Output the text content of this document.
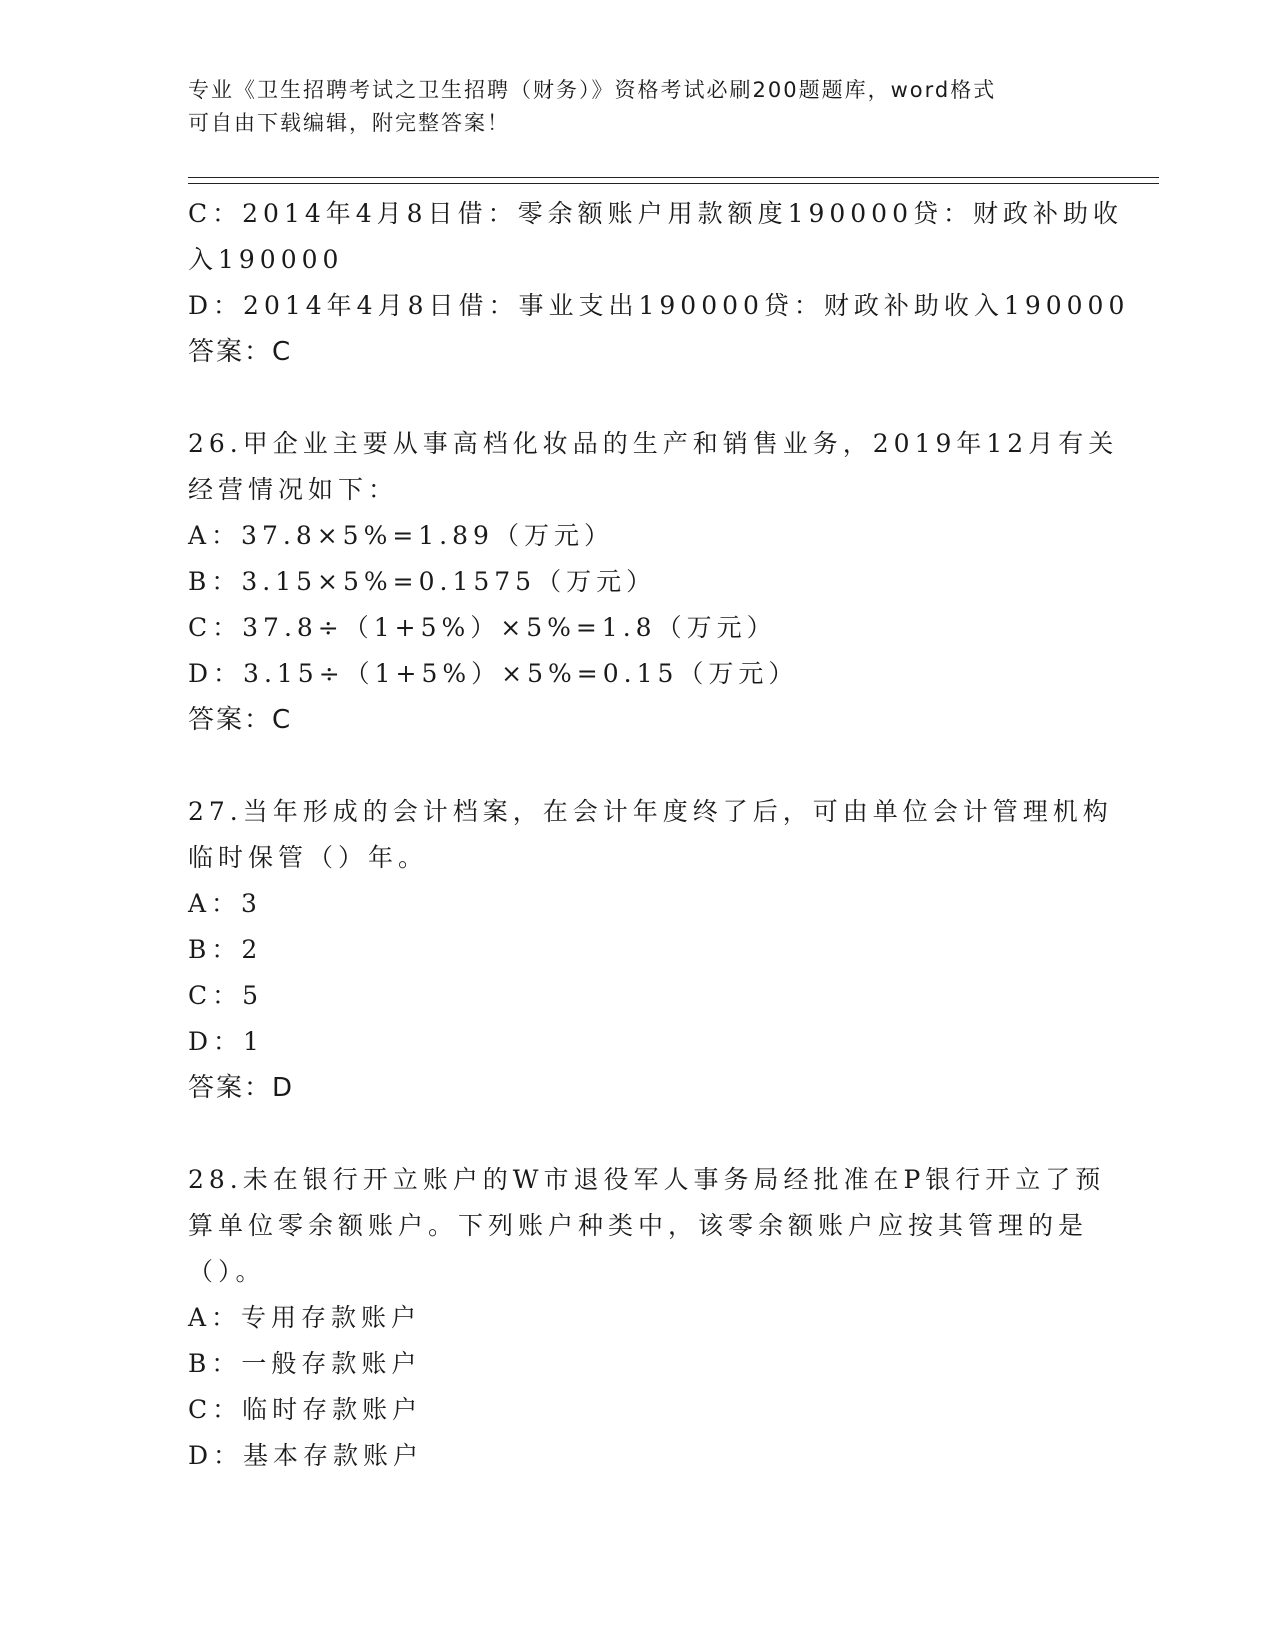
专业《卫生招聘考试之卫生招聘（财务）》资格考试必刷200题题库，word格式
可自由下载编辑，附完整答案！
C：2014年4月8日借：零余额账户用款额度190000贷：财政补助收
入190000
D：2014年4月8日借：事业支出190000贷：财政补助收入190000
答案：C
26.甲企业主要从事高档化妆品的生产和销售业务，2019年12月有关
经营情况如下：
A：37.8×5%=1.89（万元）
B：3.15×5%=0.1575（万元）
C：37.8÷（1+5%）×5%=1.8（万元）
D：3.15÷（1+5%）×5%=0.15（万元）
答案：C
27.当年形成的会计档案，在会计年度终了后，可由单位会计管理机构
临时保管（）年。
A：3
B：2
C：5
D：1
答案：D
28.未在银行开立账户的W市退役军人事务局经批准在P银行开立了预
算单位零余额账户。下列账户种类中，该零余额账户应按其管理的是
（）。
A：专用存款账户
B：一般存款账户
C：临时存款账户
D：基本存款账户
